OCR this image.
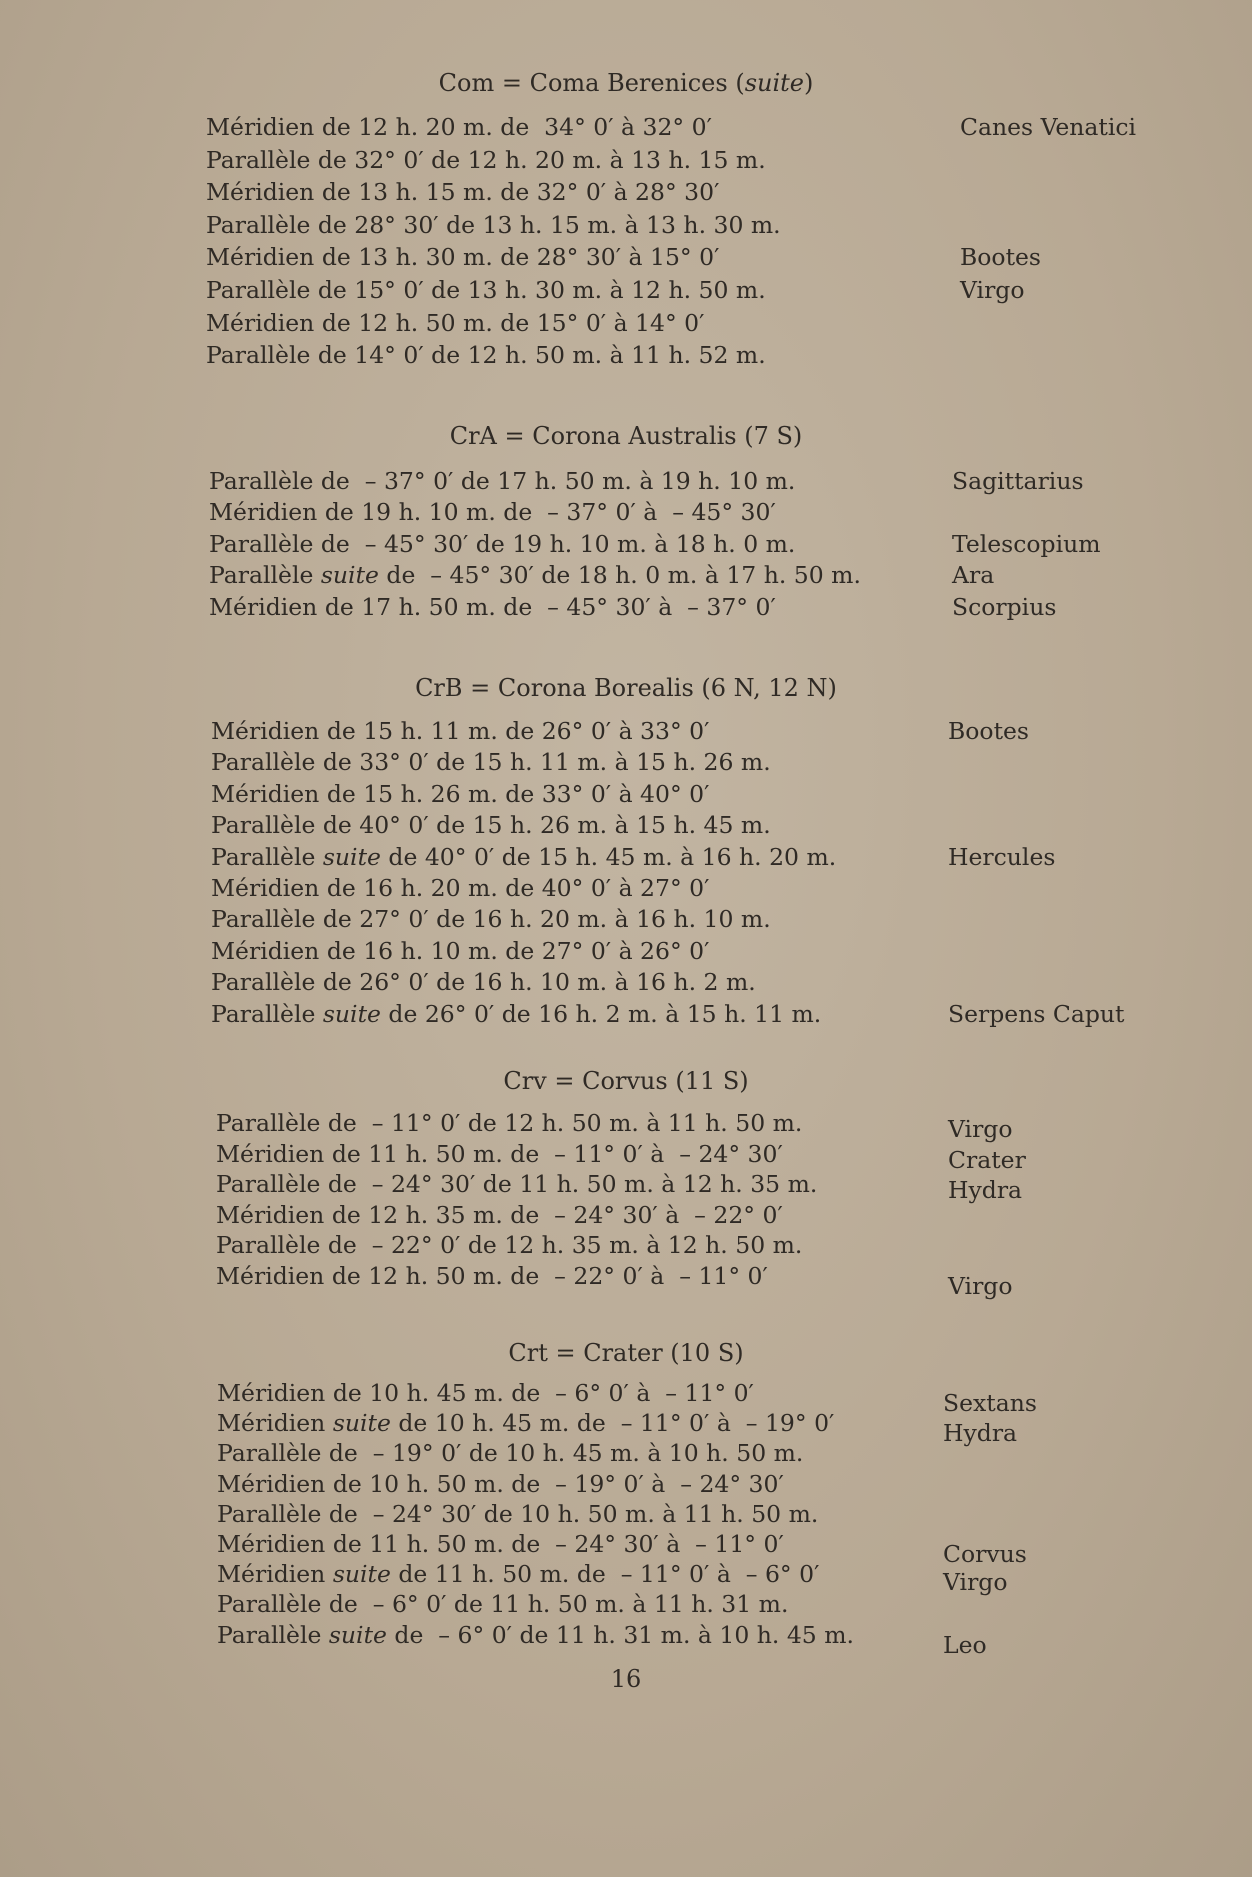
Com = Coma Berenices (suite)
CrA = Corona Australis (7 S)
CrB = Corona Borealis (6 N, 12 N)
Crv = Corvus (11 S)
Crt = Crater (10 S)
Méridien de 12 h. 20 m. de  34° 0′ à 32° 0′	Canes Venatici
Parallèle de 32° 0′ de 12 h. 20 m. à 13 h. 15 m.
Méridien de 13 h. 15 m. de 32° 0′ à 28° 30′
Parallèle de 28° 30′ de 13 h. 15 m. à 13 h. 30 m.
Méridien de 13 h. 30 m. de 28° 30′ à 15° 0′	Bootes
Parallèle de 15° 0′ de 13 h. 30 m. à 12 h. 50 m.	Virgo
Méridien de 12 h. 50 m. de 15° 0′ à 14° 0′
Parallèle de 14° 0′ de 12 h. 50 m. à 11 h. 52 m.
Parallèle de  – 37° 0′ de 17 h. 50 m. à 19 h. 10 m.	Sagittarius
Méridien de 19 h. 10 m. de  – 37° 0′ à  – 45° 30′
Parallèle de  – 45° 30′ de 19 h. 10 m. à 18 h. 0 m.	Telescopium
Parallèle suite de  – 45° 30′ de 18 h. 0 m. à 17 h. 50 m.	Ara
Méridien de 17 h. 50 m. de  – 45° 30′ à  – 37° 0′	Scorpius
Méridien de 15 h. 11 m. de 26° 0′ à 33° 0′	Bootes
Parallèle de 33° 0′ de 15 h. 11 m. à 15 h. 26 m.
Méridien de 15 h. 26 m. de 33° 0′ à 40° 0′
Parallèle de 40° 0′ de 15 h. 26 m. à 15 h. 45 m.
Parallèle suite de 40° 0′ de 15 h. 45 m. à 16 h. 20 m.	Hercules
Méridien de 16 h. 20 m. de 40° 0′ à 27° 0′
Parallèle de 27° 0′ de 16 h. 20 m. à 16 h. 10 m.
Méridien de 16 h. 10 m. de 27° 0′ à 26° 0′
Parallèle de 26° 0′ de 16 h. 10 m. à 16 h. 2 m.
Parallèle suite de 26° 0′ de 16 h. 2 m. à 15 h. 11 m.	Serpens Caput
Parallèle de  – 11° 0′ de 12 h. 50 m. à 11 h. 50 m.	Virgo
Méridien de 11 h. 50 m. de  – 11° 0′ à  – 24° 30′	Crater
Parallèle de  – 24° 30′ de 11 h. 50 m. à 12 h. 35 m.	Hydra
Méridien de 12 h. 35 m. de  – 24° 30′ à  – 22° 0′
Parallèle de  – 22° 0′ de 12 h. 35 m. à 12 h. 50 m.
Méridien de 12 h. 50 m. de  – 22° 0′ à  – 11° 0′	Virgo
Méridien de 10 h. 45 m. de  – 6° 0′ à  – 11° 0′	Sextans
Méridien suite de 10 h. 45 m. de  – 11° 0′ à  – 19° 0′	Hydra
Parallèle de  – 19° 0′ de 10 h. 45 m. à 10 h. 50 m.
Méridien de 10 h. 50 m. de  – 19° 0′ à  – 24° 30′
Parallèle de  – 24° 30′ de 10 h. 50 m. à 11 h. 50 m.
Méridien de 11 h. 50 m. de  – 24° 30′ à  – 11° 0′	Corvus
Méridien suite de 11 h. 50 m. de  – 11° 0′ à  – 6° 0′	Virgo
Parallèle de  – 6° 0′ de 11 h. 50 m. à 11 h. 31 m.
Parallèle suite de  – 6° 0′ de 11 h. 31 m. à 10 h. 45 m.	Leo
16
